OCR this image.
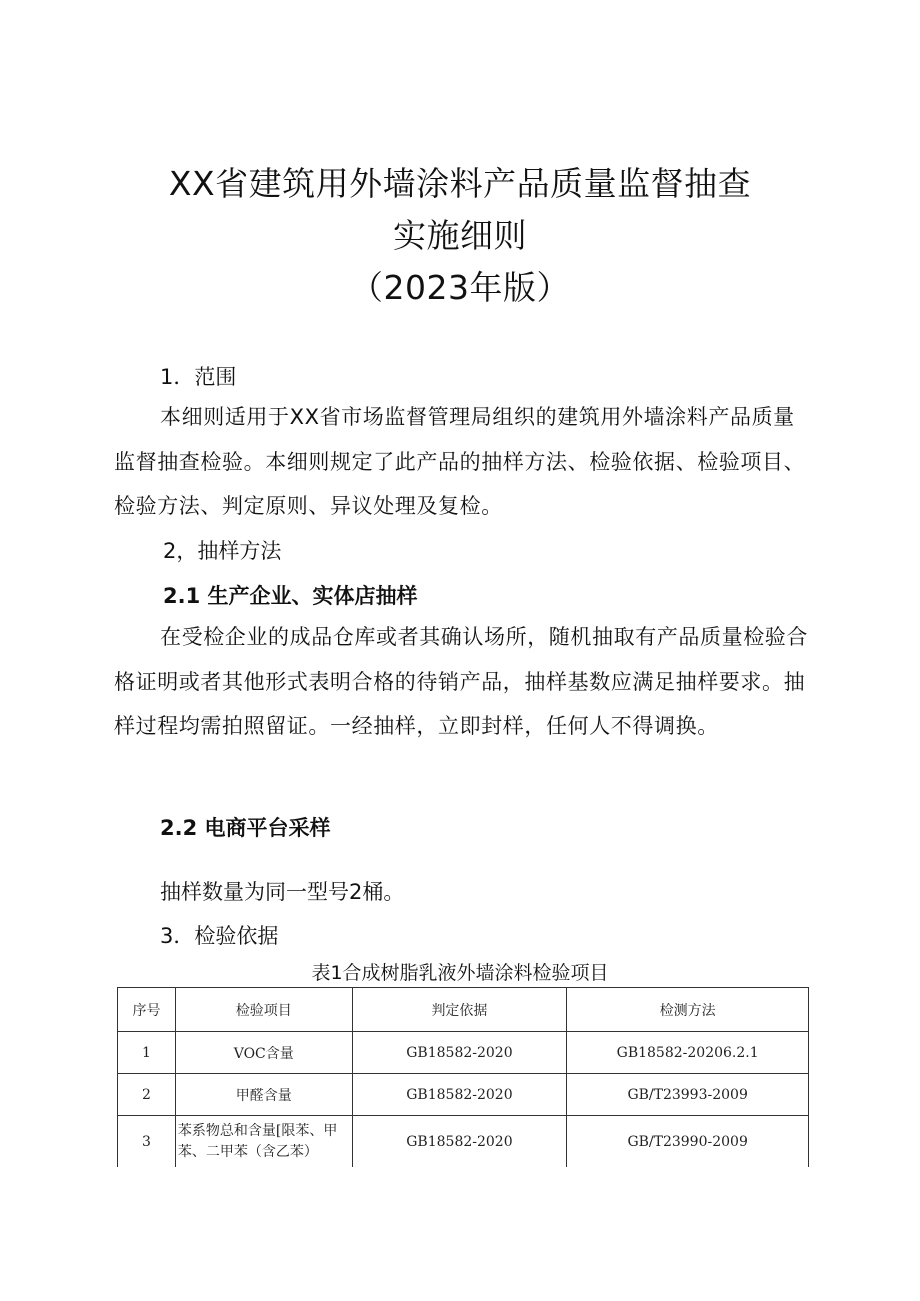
XX省建筑用外墙涂料产品质量监督抽查
实施细则
（2023年版）
1．范围
本细则适用于XX省市场监督管理局组织的建筑用外墙涂料产品质量监督抽查检验。本细则规定了此产品的抽样方法、检验依据、检验项目、检验方法、判定原则、异议处理及复检。
2，抽样方法
2.1 生产企业、实体店抽样
在受检企业的成品仓库或者其确认场所，随机抽取有产品质量检验合格证明或者其他形式表明合格的待销产品，抽样基数应满足抽样要求。抽样过程均需拍照留证。一经抽样，立即封样，任何人不得调换。
2.2 电商平台采样
抽样数量为同一型号2桶。
3．检验依据
表1合成树脂乳液外墙涂料检验项目
序号	检验项目	判定依据	检测方法
1	VOC含量	GB18582-2020	GB18582-20206.2.1
2	甲醛含量	GB18582-2020	GB/T23993-2009
3	苯系物总和含量[限苯、甲苯、二甲苯（含乙苯）	GB18582-2020	GB/T23990-2009
